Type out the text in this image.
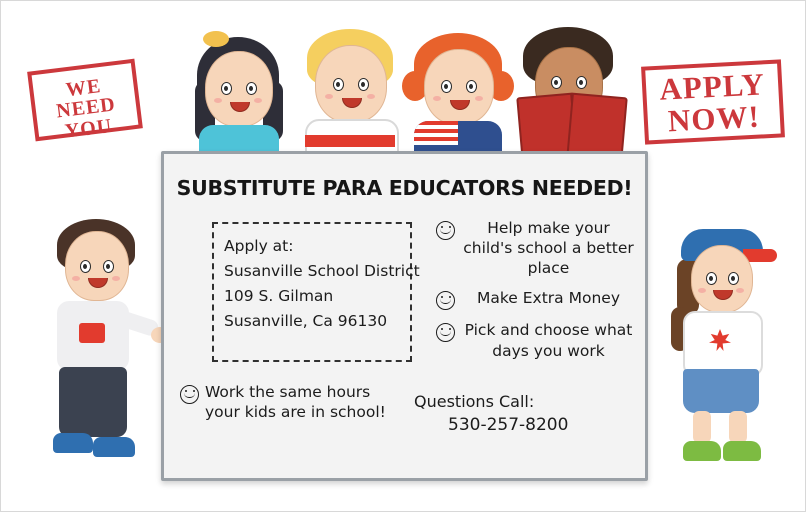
WE NEED
YOU
APPLY
NOW!
SUBSTITUTE PARA EDUCATORS NEEDED!
Apply at:
Susanville School District
109 S. Gilman
Susanville, Ca 96130
Help make your child's school a better place
Make Extra Money
Pick and choose what days you work
Work the same hours your kids are in school!
Questions Call:
530-257-8200
